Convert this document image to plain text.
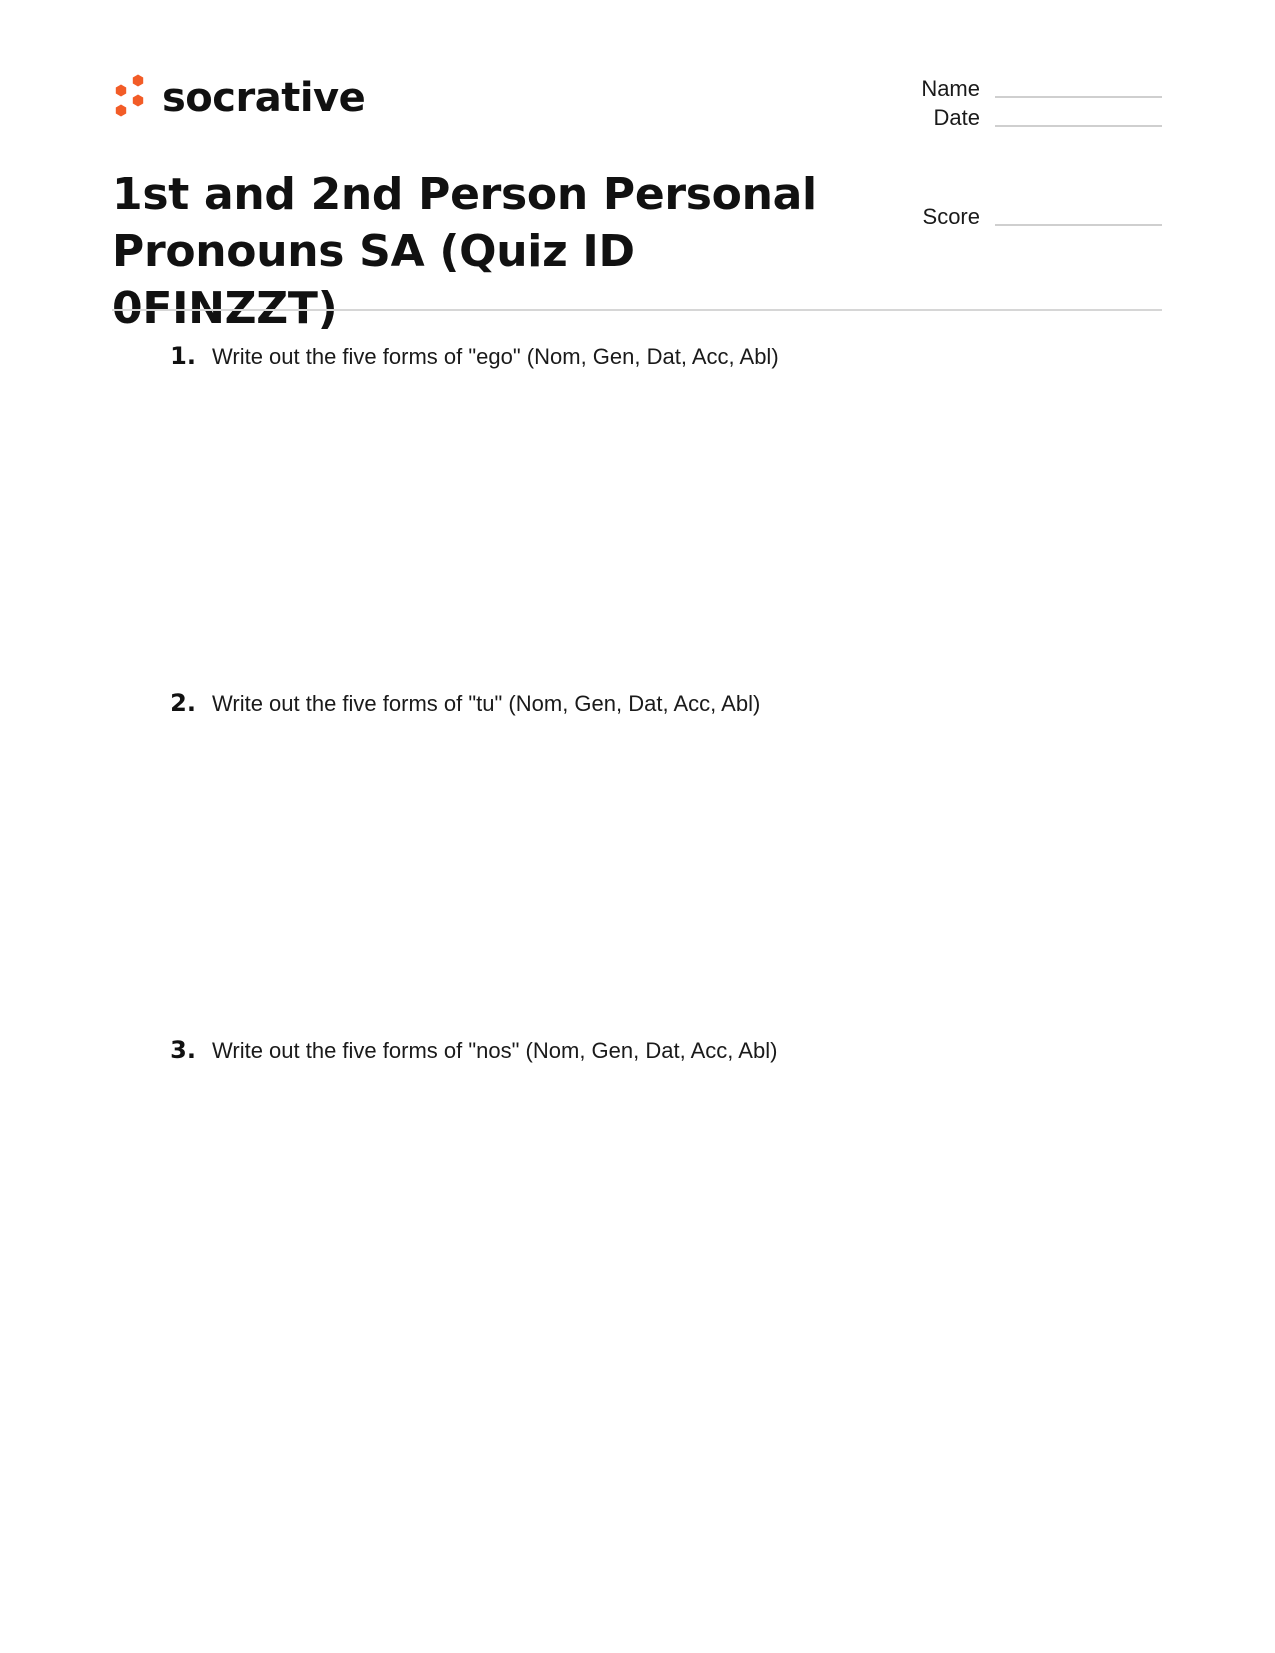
socrative
1st and 2nd Person Personal Pronouns SA (Quiz ID 0FINZZT)
Name
Date
Score
1. Write out the five forms of "ego" (Nom, Gen, Dat, Acc, Abl)
2. Write out the five forms of "tu" (Nom, Gen, Dat, Acc, Abl)
3. Write out the five forms of "nos" (Nom, Gen, Dat, Acc, Abl)
